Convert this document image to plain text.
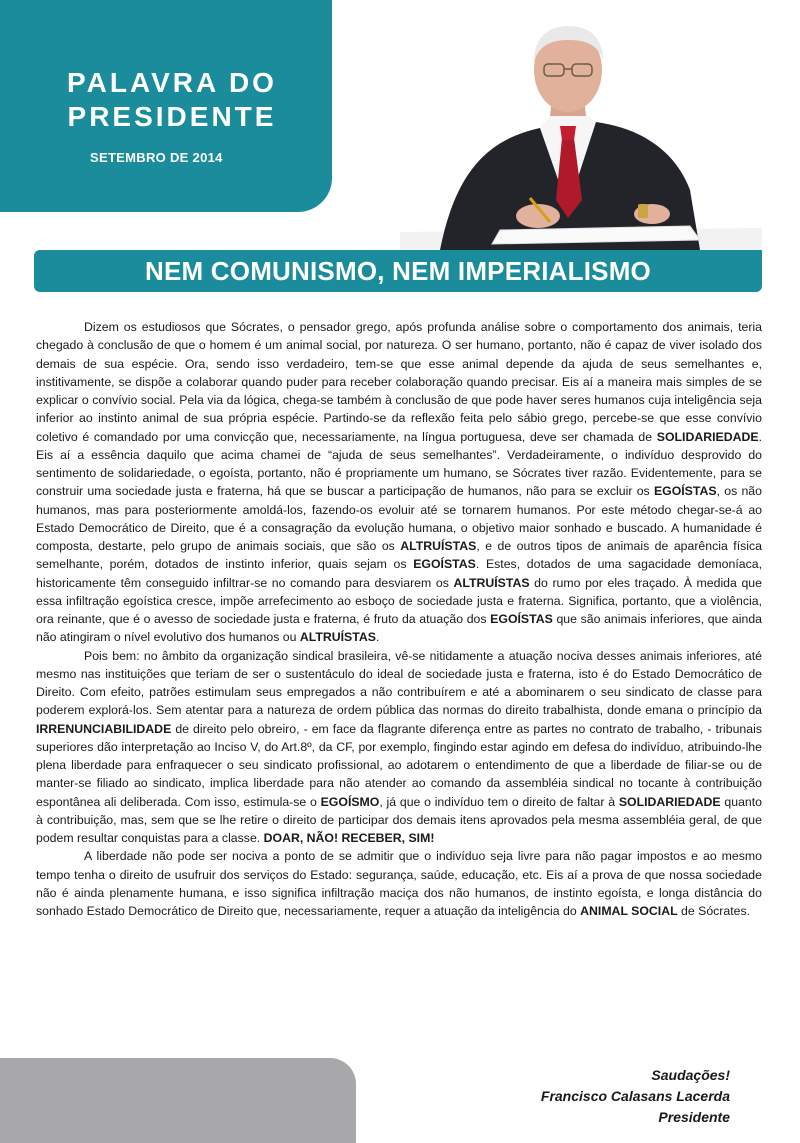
PALAVRA DO
PRESIDENTE
SETEMBRO DE 2014
NEM COMUNISMO, NEM IMPERIALISMO

Dizem os estudiosos que Sócrates, o pensador grego, após profunda análise sobre o comportamento dos animais, teria chegado à conclusão de que o homem é um animal social, por natureza. O ser humano, portanto, não é capaz de viver isolado dos demais de sua espécie. Ora, sendo isso verdadeiro, tem-se que esse animal depende da ajuda de seus semelhantes e, institivamente, se dispõe a colaborar quando puder para receber colaboração quando precisar. Eis aí a maneira mais simples de se explicar o convívio social. Pela via da lógica, chega-se também à conclusão de que pode haver seres humanos cuja inteligência seja inferior ao instinto animal de sua própria espécie. Partindo-se da reflexão feita pelo sábio grego, percebe-se que esse convívio coletivo é comandado por uma convicção que, necessariamente, na língua portuguesa, deve ser chamada de SOLIDARIEDADE. Eis aí a essência daquilo que acima chamei de “ajuda de seus semelhantes”. Verdadeiramente, o indivíduo desprovido do sentimento de solidariedade, o egoísta, portanto, não é propriamente um humano, se Sócrates tiver razão. Evidentemente, para se construir uma sociedade justa e fraterna, há que se buscar a participação de humanos, não para se excluir os EGOÍSTAS, os não humanos, mas para posteriormente amoldá-los, fazendo-os evoluir até se tornarem humanos. Por este método chegar-se-á ao Estado Democrático de Direito, que é a consagração da evolução humana, o objetivo maior sonhado e buscado. A humanidade é composta, destarte, pelo grupo de animais sociais, que são os ALTRUÍSTAS, e de outros tipos de animais de aparência física semelhante, porém, dotados de instinto inferior, quais sejam os EGOÍSTAS. Estes, dotados de uma sagacidade demoníaca, historicamente têm conseguido infiltrar-se no comando para desviarem os ALTRUÍSTAS do rumo por eles traçado. À medida que essa infiltração egoística cresce, impõe arrefecimento ao esboço de sociedade justa e fraterna. Significa, portanto, que a violência, ora reinante, que é o avesso de sociedade justa e fraterna, é fruto da atuação dos EGOÍSTAS que são animais inferiores, que ainda não atingiram o nível evolutivo dos humanos ou ALTRUÍSTAS.

Pois bem: no âmbito da organização sindical brasileira, vê-se nitidamente a atuação nociva desses animais inferiores, até mesmo nas instituições que teriam de ser o sustentáculo do ideal de sociedade justa e fraterna, isto é do Estado Democrático de Direito. Com efeito, patrões estimulam seus empregados a não contribuírem e até a abominarem o seu sindicato de classe para poderem explorá-los. Sem atentar para a natureza de ordem pública das normas do direito trabalhista, donde emana o princípio da IRRENUNCIABILIDADE de direito pelo obreiro, - em face da flagrante diferença entre as partes no contrato de trabalho, - tribunais superiores dão interpretação ao Inciso V, do Art.8º, da CF, por exemplo, fingindo estar agindo em defesa do indivíduo, atribuindo-lhe plena liberdade para enfraquecer o seu sindicato profissional, ao adotarem o entendimento de que a liberdade de filiar-se ou de manter-se filiado ao sindicato, implica liberdade para não atender ao comando da assembléia sindical no tocante à contribuição espontânea ali deliberada. Com isso, estimula-se o EGOÍSMO, já que o indivíduo tem o direito de faltar à SOLIDARIEDADE quanto à contribuição, mas, sem que se lhe retire o direito de participar dos demais itens aprovados pela mesma assembléia geral, de que podem resultar conquistas para a classe. DOAR, NÃO! RECEBER, SIM!

A liberdade não pode ser nociva a ponto de se admitir que o indivíduo seja livre para não pagar impostos e ao mesmo tempo tenha o direito de usufruir dos serviços do Estado: segurança, saúde, educação, etc. Eis aí a prova de que nossa sociedade não é ainda plenamente humana, e isso significa infiltração maciça dos não humanos, de instinto egoísta, e longa distância do sonhado Estado Democrático de Direito que, necessariamente, requer a atuação da inteligência do ANIMAL SOCIAL de Sócrates.

Saudações!
Francisco Calasans Lacerda
Presidente
